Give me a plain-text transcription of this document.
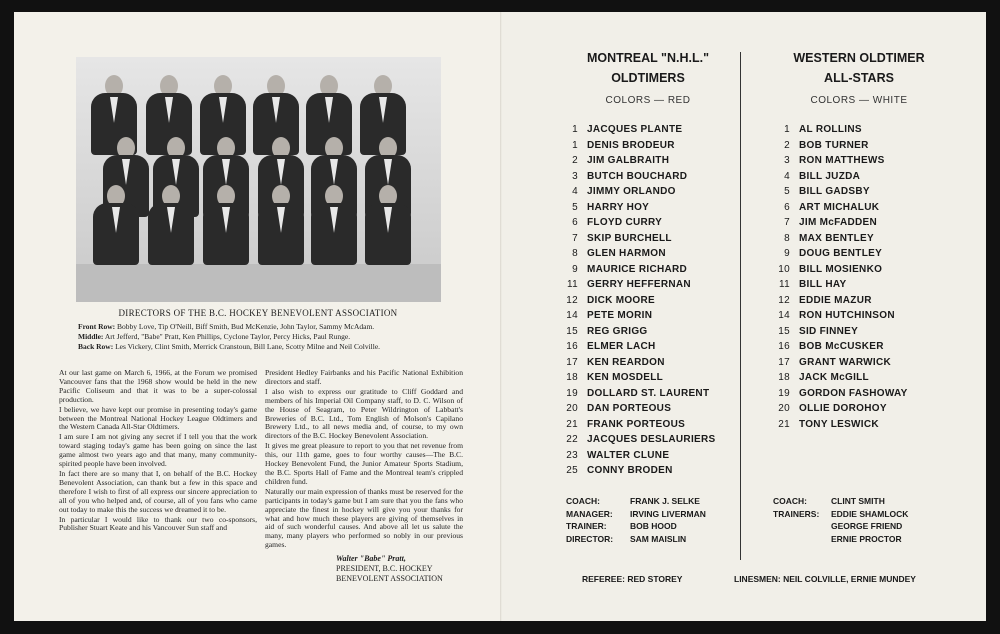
DIRECTORS OF THE B.C. HOCKEY BENEVOLENT ASSOCIATION
Front Row: Bobby Love, Tip O'Neill, Biff Smith, Bud McKenzie, John Taylor, Sammy McAdam.
Middle: Art Jefferd, "Babe" Pratt, Ken Phillips, Cyclone Taylor, Percy Hicks, Paul Runge.
Back Row: Les Vickery, Clint Smith, Merrick Cranstoun, Bill Lane, Scotty Milne and Neil Colville.

At our last game on March 6, 1966, at the Forum we promised Vancouver fans that the 1968 show would be held in the new Pacific Coliseum and that it was to be a super-colossal production.

I believe, we have kept our promise in presenting today's game between the Montreal National Hockey League Oldtimers and the Western Canada All-Star Oldtimers.

I am sure I am not giving any secret if I tell you that the work toward staging today's game has been going on since the last game almost two years ago and that many, many community-spirited people have been involved.

In fact there are so many that I, on behalf of the B.C. Hockey Benevolent Association, can thank but a few in this space and therefore I wish to first of all express our sincere appreciation to all of you who helped and, of course, all of you fans who came out today to make this the success we dreamed it to be.

In particular I would like to thank our two co-sponsors, Publisher Stuart Keate and his Vancouver Sun staff and

President Hedley Fairbanks and his Pacific National Exhibition directors and staff.

I also wish to express our gratitude to Cliff Goddard and members of his Imperial Oil Company staff, to D. C. Wilson of the House of Seagram, to Peter Wildrington of Labbatt's Breweries of B.C. Ltd., Tom English of Molson's Capilano Brewery Ltd., to all news media and, of course, to my own directors of the B.C. Hockey Benevolent Association.

It gives me great pleasure to report to you that net revenue from this, our 11th game, goes to four worthy causes—The B.C. Hockey Benevolent Fund, the Junior Amateur Sports Stadium, the B.C. Sports Hall of Fame and the Montreal team's crippled children fund.

Naturally our main expression of thanks must be reserved for the participants in today's game but I am sure that you the fans who appreciate the finest in hockey will give you your thanks for what and how much these players are giving of themselves in aid of such wonderful causes. And above all let us salute the many, many players who performed so nobly in our previous games.

Walter "Babe" Pratt,
PRESIDENT, B.C. HOCKEY
BENEVOLENT ASSOCIATION
MONTREAL "N.H.L."
OLDTIMERS
WESTERN OLDTIMER
ALL-STARS
COLORS — RED	COLORS — WHITE
1 JACQUES PLANTE
1 DENIS BRODEUR
2 JIM GALBRAITH
3 BUTCH BOUCHARD
4 JIMMY ORLANDO
5 HARRY HOY
6 FLOYD CURRY
7 SKIP BURCHELL
8 GLEN HARMON
9 MAURICE RICHARD
11 GERRY HEFFERNAN
12 DICK MOORE
14 PETE MORIN
15 REG GRIGG
16 ELMER LACH
17 KEN REARDON
18 KEN MOSDELL
19 DOLLARD ST. LAURENT
20 DAN PORTEOUS
21 FRANK PORTEOUS
22 JACQUES DESLAURIERS
23 WALTER CLUNE
25 CONNY BRODEN
1 AL ROLLINS
2 BOB TURNER
3 RON MATTHEWS
4 BILL JUZDA
5 BILL GADSBY
6 ART MICHALUK
7 JIM McFADDEN
8 MAX BENTLEY
9 DOUG BENTLEY
10 BILL MOSIENKO
11 BILL HAY
12 EDDIE MAZUR
14 RON HUTCHINSON
15 SID FINNEY
16 BOB McCUSKER
17 GRANT WARWICK
18 JACK McGILL
19 GORDON FASHOWAY
20 OLLIE DOROHOY
21 TONY LESWICK
COACH:	FRANK J. SELKE
MANAGER: IRVING LIVERMAN
TRAINER:	BOB HOOD
DIRECTOR: SAM MAISLIN
COACH:	CLINT SMITH
TRAINERS: EDDIE SHAMLOCK
GEORGE FRIEND
ERNIE PROCTOR
REFEREE: RED STOREY	LINESMEN: NEIL COLVILLE, ERNIE MUNDEY
